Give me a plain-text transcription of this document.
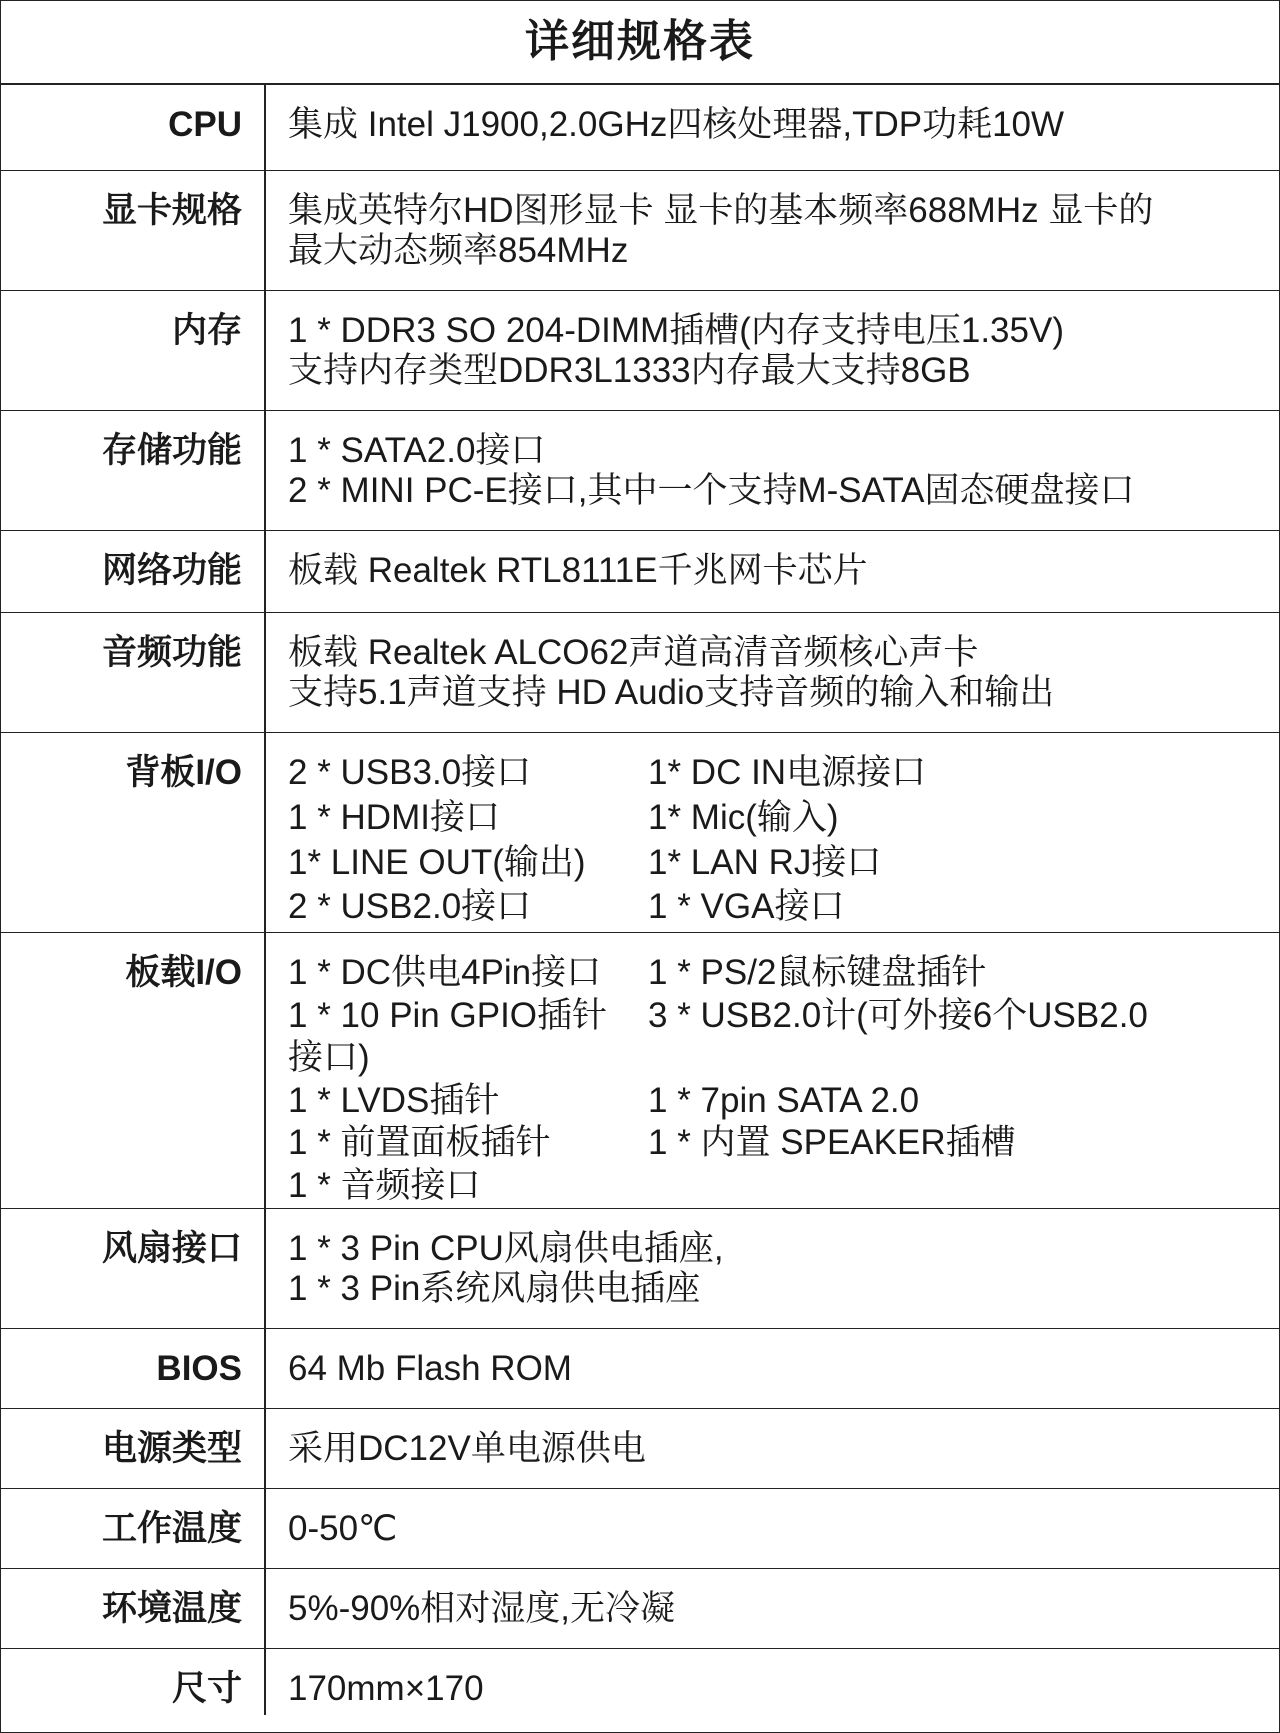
详细规格表
CPU	集成 Intel J1900,2.0GHz四核处理器,TDP功耗10W
显卡规格	集成英特尔HD图形显卡 显卡的基本频率688MHz 显卡的
最大动态频率854MHz
内存	1 * DDR3 SO 204-DIMM插槽(内存支持电压1.35V)
支持内存类型DDR3L1333内存最大支持8GB
存储功能	1 * SATA2.0接口
2 * MINI PC-E接口,其中一个支持M-SATA固态硬盘接口
网络功能	板载 Realtek RTL8111E千兆网卡芯片
音频功能	板载 Realtek ALCO62声道高清音频核心声卡
支持5.1声道支持 HD Audio支持音频的输入和输出
背板I/O	2 * USB3.0接口	1* DC IN电源接口
1 * HDMI接口	1* Mic(输入)
1* LINE OUT(输出)	1* LAN RJ接口
2 * USB2.0接口	1 * VGA接口
板载I/O	1 * DC供电4Pin接口	1 * PS/2鼠标键盘插针
1 * 10 Pin GPIO插针	3 * USB2.0计(可外接6个USB2.0
接口)
1 * LVDS插针	1 * 7pin SATA 2.0
1 * 前置面板插针	1 * 内置 SPEAKER插槽
1 * 音频接口
风扇接口	1 * 3 Pin CPU风扇供电插座,
1 * 3 Pin系统风扇供电插座
BIOS	64 Mb Flash ROM
电源类型	采用DC12V单电源供电
工作温度	0-50℃
环境温度	5%-90%相对湿度,无冷凝
尺寸	170mm×170
